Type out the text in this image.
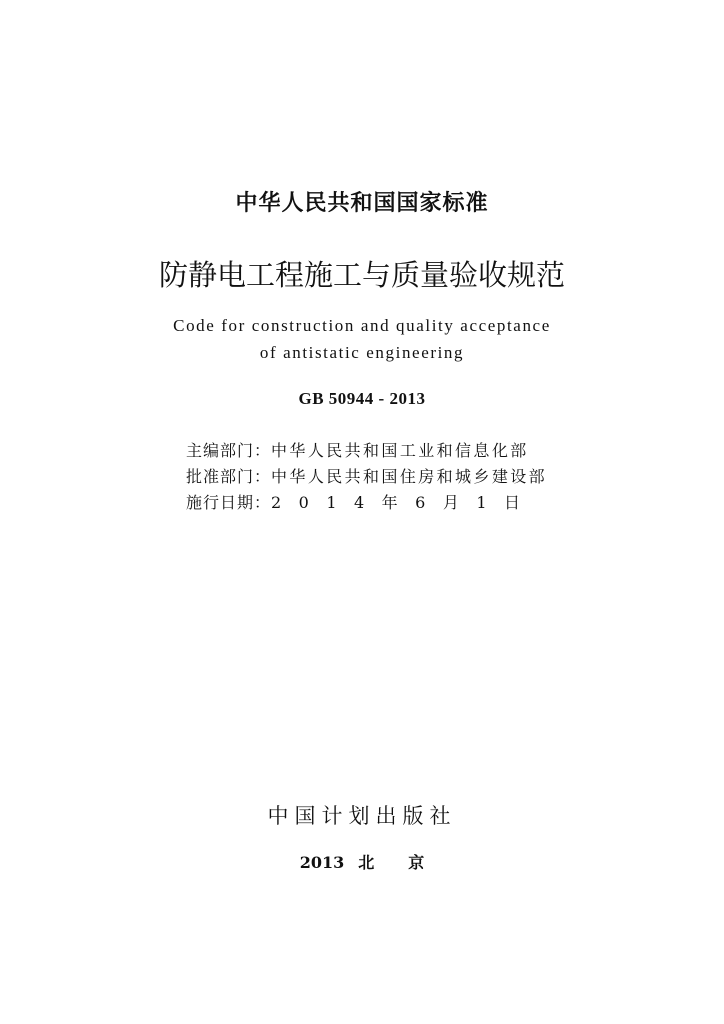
中华人民共和国国家标准
防静电工程施工与质量验收规范
Code for construction and quality acceptance
of antistatic engineering
GB 50944 - 2013
主编部门： 中华人民共和国工业和信息化部
批准部门： 中华人民共和国住房和城乡建设部
施行日期： 2 0 1 4 年 6 月 1 日
中国计划出版社
2013 北 京
